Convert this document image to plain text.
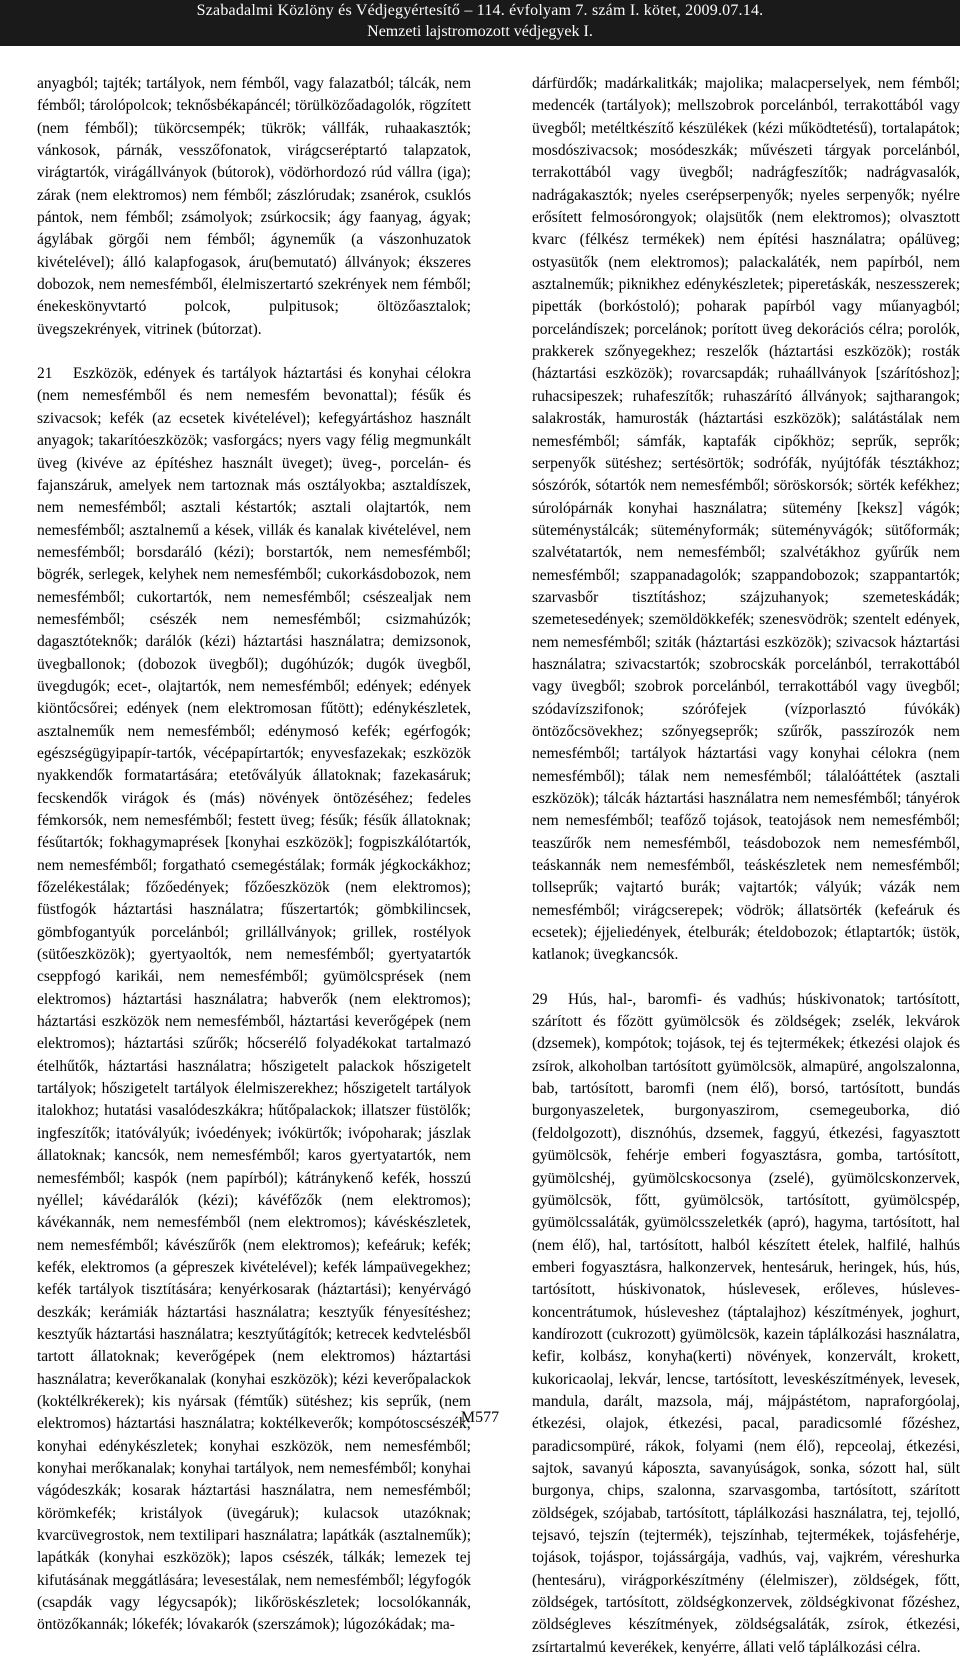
Szabadalmi Közlöny és Védjegyértesítő – 114. évfolyam 7. szám I. kötet, 2009.07.14.
Nemzeti lajstromozott védjegyek I.

anyagból; tajték; tartályok, nem fémből, vagy falazatból; tálcák, nem fémből; tárolópolcok; teknősbékapáncél; törülközőadagolók, rögzített (nem fémből); tükörcsempék; tükrök; vállfák, ruhaakasztók; vánkosok, párnák, vesszőfonatok, virágcseréptartó talapzatok, virágtartók, virágállványok (bútorok), vödörhordozó rúd vállra (iga); zárak (nem elektromos) nem fémből; zászlórudak; zsanérok, csuklós pántok, nem fémből; zsámolyok; zsúrkocsik; ágy faanyag, ágyak; ágylábak görgői nem fémből; ágyneműk (a vászonhuzatok kivételével); álló kalapfogasok, áru(bemutató) állványok; ékszeres dobozok, nem nemesfémből, élelmiszertartó szekrények nem fémből; énekeskönyvtartó polcok, pulpitusok; öltözőasztalok; üvegszekrények, vitrinek (bútorzat).

21 Eszközök, edények és tartályok háztartási és konyhai célokra (nem nemesfémből és nem nemesfém bevonattal); fésűk és szivacsok; kefék (az ecsetek kivételével); kefegyártáshoz használt anyagok; takarítóeszközök; vasforgács; nyers vagy félig megmunkált üveg (kivéve az építéshez használt üveget); üveg-, porcelán- és fajanszáruk, amelyek nem tartoznak más osztályokba; asztaldíszek, nem nemesfémből; asztali késtartók; asztali olajtartók, nem nemesfémből; asztalnemű a kések, villák és kanalak kivételével, nem nemesfémből; borsdaráló (kézi); borstartók, nem nemesfémből; bögrék, serlegek, kelyhek nem nemesfémből; cukorkásdobozok, nem nemesfémből; cukortartók, nem nemesfémből; csészealjak nem nemesfémből; csészék nem nemesfémből; csizmahúzók; dagasztóteknők; darálók (kézi) háztartási használatra; demizsonok, üvegballonok; (dobozok üvegből); dugóhúzók; dugók üvegből, üvegdugók; ecet-, olajtartók, nem nemesfémből; edények; edények kiöntőcsőrei; edények (nem elektromosan fűtött); edénykészletek, asztalneműk nem nemesfémből; edénymosó kefék; egérfogók; egészségügyipapír-tartók, vécépapírtartók; enyvesfazekak; eszközök nyakkendők formatartására; etetővályúk állatoknak; fazekasáruk; fecskendők virágok és (más) növények öntözéséhez; fedeles fémkorsók, nem nemesfémből; festett üveg; fésűk; fésűk állatoknak; fésűtartók; fokhagymaprések [konyhai eszközök]; fogpiszkálótartók, nem nemesfémből; forgatható csemegéstálak; formák jégkockákhoz; főzelékestálak; főzőedények; főzőeszközök (nem elektromos); füstfogók háztartási használatra; fűszertartók; gömbkilincsek, gömbfogantyúk porcelánból; grillállványok; grillek, rostélyok (sütőeszközök); gyertyaoltók, nem nemesfémből; gyertyatartók cseppfogó karikái, nem nemesfémből; gyümölcsprések (nem elektromos) háztartási használatra; habverők (nem elektromos); háztartási eszközök nem nemesfémből, háztartási keverőgépek (nem elektromos); háztartási szűrők; hőcserélő folyadékokat tartalmazó ételhűtők, háztartási használatra; hőszigetelt palackok hőszigetelt tartályok; hőszigetelt tartályok élelmiszerekhez; hőszigetelt tartályok italokhoz; hutatási vasalódeszkákra; hűtőpalackok; illatszer füstölők; ingfeszítők; itatóvályúk; ivóedények; ivókürtők; ivópoharak; jászlak állatoknak; kancsók, nem nemesfémből; karos gyertyatartók, nem nemesfémből; kaspók (nem papírból); kátránykenő kefék, hosszú nyéllel; kávédarálók (kézi); kávéfőzők (nem elektromos); kávékannák, nem nemesfémből (nem elektromos); kávéskészletek, nem nemesfémből; kávészűrők (nem elektromos); kefeáruk; kefék; kefék, elektromos (a gépreszek kivételével); kefék lámpaüvegekhez; kefék tartályok tisztítására; kenyérkosarak (háztartási); kenyérvágó deszkák; kerámiák háztartási használatra; kesztyűk fényesítéshez; kesztyűk háztartási használatra; kesztyűtágítók; ketrecek kedvtelésből tartott állatoknak; keverőgépek (nem elektromos) háztartási használatra; keverőkanalak (konyhai eszközök); kézi keverőpalackok (koktélkrékerek); kis nyársak (fémtűk) sütéshez; kis seprűk, (nem elektromos) háztartási használatra; koktélkeverők; kompótoscsészék; konyhai edénykészletek; konyhai eszközök, nem nemesfémből; konyhai merőkanalak; konyhai tartályok, nem nemesfémből; konyhai vágódeszkák; kosarak háztartási használatra, nem nemesfémből; körömkefék; kristályok (üvegáruk); kulacsok utazóknak; kvarcüvegrostok, nem textilipari használatra; lapátkák (asztalneműk); lapátkák (konyhai eszközök); lapos csészék, tálkák; lemezek tej kifutásának meggátlására; levesestálak, nem nemesfémből; légyfogók (csapdák vagy légycsapók); likőröskészletek; locsolókannák, öntözőkannák; lókefék; lóvakarók (szerszámok); lúgozókádak; ma-

dárfürdők; madárkalitkák; majolika; malacperselyek, nem fémből; medencék (tartályok); mellszobrok porcelánból, terrakottából vagy üvegből; metéltkészítő készülékek (kézi működtetésű), tortalapátok; mosdószivacsok; mosódeszkák; művészeti tárgyak porcelánból, terrakottából vagy üvegből; nadrágfeszítők; nadrágvasalók, nadrágakasztók; nyeles cserépserpenyők; nyeles serpenyők; nyélre erősített felmosórongyok; olajsütők (nem elektromos); olvasztott kvarc (félkész termékek) nem építési használatra; opálüveg; ostyasütők (nem elektromos); palackaláték, nem papírból, nem asztalneműk; piknikhez edénykészletek; piperetáskák, neszesszerek; pipetták (borkóstoló); poharak papírból vagy műanyagból; porcelándíszek; porcelánok; porított üveg dekorációs célra; porolók, prakkerek szőnyegekhez; reszelők (háztartási eszközök); rosták (háztartási eszközök); rovarcsapdák; ruhaállványok [szárítóshoz]; ruhacsipeszek; ruhafeszítők; ruhaszárító állványok; sajtharangok; salakrosták, hamurosták (háztartási eszközök); salátástálak nem nemesfémből; sámfák, kaptafák cipőkhöz; seprűk, seprők; serpenyők sütéshez; sertésörtök; sodrófák, nyújtófák tésztákhoz; sószórók, sótartók nem nemesfémből; söröskorsók; sörték kefékhez; súrolópárnák konyhai használatra; sütemény [keksz] vágók; süteménystálcák; süteményformák; süteményvágók; sütőformák; szalvétatartók, nem nemesfémből; szalvétákhoz gyűrűk nem nemesfémből; szappanadagolók; szappandobozok; szappantartók; szarvasbőr tisztításhoz; szájzuhanyok; szemeteskádák; szemetesedények; szemöldökkefék; szenesvödrök; szentelt edények, nem nemesfémből; sziták (háztartási eszközök); szivacsok háztartási használatra; szivacstartók; szobrocskák porcelánból, terrakottából vagy üvegből; szobrok porcelánból, terrakottából vagy üvegből; szódavízszifonok; szórófejek (vízporlasztó fúvókák) öntözőcsövekhez; szőnyegseprők; szűrők, passzírozók nem nemesfémből; tartályok háztartási vagy konyhai célokra (nem nemesfémből); tálak nem nemesfémből; tálalóáttétek (asztali eszközök); tálcák háztartási használatra nem nemesfémből; tányérok nem nemesfémből; teafőző tojások, teatojások nem nemesfémből; teaszűrők nem nemesfémből, teásdobozok nem nemesfémből, teáskannák nem nemesfémből, teáskészletek nem nemesfémből; tollseprűk; vajtartó burák; vajtartók; vályúk; vázák nem nemesfémből; virágcserepek; vödrök; állatsörték (kefeáruk és ecsetek); éjjeliedények, ételburák; ételdobozok; étlaptartók; üstök, katlanok; üvegkancsók.

29 Hús, hal-, baromfi- és vadhús; húskivonatok; tartósított, szárított és főzött gyümölcsök és zöldségek; zselék, lekvárok (dzsemek), kompótok; tojások, tej és tejtermékek; étkezési olajok és zsírok, alkoholban tartósított gyümölcsök, almapüré, angolszalonna, bab, tartósított, baromfi (nem élő), borsó, tartósított, bundás burgonyaszeletek, burgonyaszirom, csemegeuborka, dió (feldolgozott), disznóhús, dzsemek, faggyú, étkezési, fagyasztott gyümölcsök, fehérje emberi fogyasztásra, gomba, tartósított, gyümölcshéj, gyümölcskocsonya (zselé), gyümölcskonzervek, gyümölcsök, főtt, gyümölcsök, tartósított, gyümölcspép, gyümölcssaláták, gyümölcsszeletkék (apró), hagyma, tartósított, hal (nem élő), hal, tartósított, halból készített ételek, halfilé, halhús emberi fogyasztásra, halkonzervek, hentesáruk, heringek, hús, hús, tartósított, húskivonatok, húslevesek, erőleves, húsleves-koncentrátumok, húsleveshez (táptalajhoz) készítmények, joghurt, kandírozott (cukrozott) gyümölcsök, kazein táplálkozási használatra, kefir, kolbász, konyha(kerti) növények, konzervált, krokett, kukoricaolaj, lekvár, lencse, tartósított, leveskészítmények, levesek, mandula, darált, mazsola, máj, májpástétom, napraforgóolaj, étkezési, olajok, étkezési, pacal, paradicsomlé főzéshez, paradicsompüré, rákok, folyami (nem élő), repceolaj, étkezési, sajtok, savanyú káposzta, savanyúságok, sonka, sózott hal, sült burgonya, chips, szalonna, szarvasgomba, tartósított, szárított zöldségek, szójabab, tartósított, táplálkozási használatra, tej, tejolló, tejsavó, tejszín (tejtermék), tejszínhab, tejtermékek, tojásfehérje, tojások, tojáspor, tojássárgája, vadhús, vaj, vajkrém, véreshurka (hentesáru), virágporkészítmény (élelmiszer), zöldségek, főtt, zöldségek, tartósított, zöldségkonzervek, zöldségkivonat főzéshez, zöldségleves készítmények, zöldségsaláták, zsírok, étkezési, zsírtartalmú keverékek, kenyérre, állati velő táplálkozási célra.

M577
